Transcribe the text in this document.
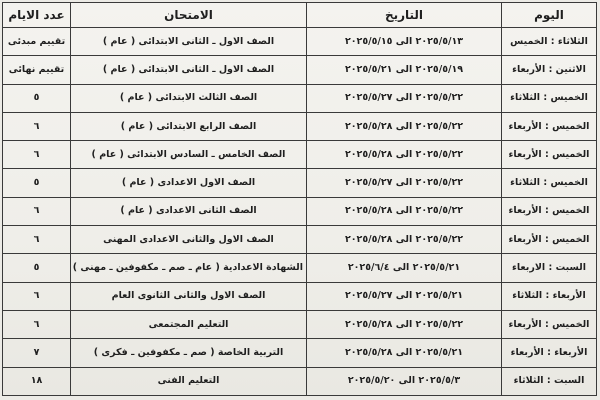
اليوم	التاريخ	الامتحان	عدد الايام
الثلاثاء : الخميس	٢٠٢٥/٥/١٣ الى ٢٠٢٥/٥/١٥	الصف الاول ـ الثانى الابتدائى ( عام )	تقييم مبدئى
الاثنين : الأربعاء	٢٠٢٥/٥/١٩ الى ٢٠٢٥/٥/٢١	الصف الاول ـ الثانى الابتدائى ( عام )	تقييم نهائى
الخميس : الثلاثاء	٢٠٢٥/٥/٢٢ الى ٢٠٢٥/٥/٢٧	الصف الثالث الابتدائى ( عام )	٥
الخميس : الأربعاء	٢٠٢٥/٥/٢٢ الى ٢٠٢٥/٥/٢٨	الصف الرابع الابتدائى ( عام )	٦
الخميس : الأربعاء	٢٠٢٥/٥/٢٢ الى ٢٠٢٥/٥/٢٨	الصف الخامس ـ السادس الابتدائى ( عام )	٦
الخميس : الثلاثاء	٢٠٢٥/٥/٢٢ الى ٢٠٢٥/٥/٢٧	الصف الاول الاعدادى ( عام )	٥
الخميس : الأربعاء	٢٠٢٥/٥/٢٢ الى ٢٠٢٥/٥/٢٨	الصف الثانى الاعدادى ( عام )	٦
الخميس : الأربعاء	٢٠٢٥/٥/٢٢ الى ٢٠٢٥/٥/٢٨	الصف الاول والثانى الاعدادى المهنى	٦
السبت : الاربعاء	٢٠٢٥/٥/٢١ الى ٢٠٢٥/٦/٤	الشهادة الاعدادية ( عام ـ صم ـ مكفوفين ـ مهنى )	٥
الأربعاء : الثلاثاء	٢٠٢٥/٥/٢١ الى ٢٠٢٥/٥/٢٧	الصف الاول والثانى الثانوى العام	٦
الخميس : الأربعاء	٢٠٢٥/٥/٢٢ الى ٢٠٢٥/٥/٢٨	التعليم المجتمعى	٦
الأربعاء : الأربعاء	٢٠٢٥/٥/٢١ الى ٢٠٢٥/٥/٢٨	التربية الخاصة ( صم ـ مكفوفين ـ فكرى )	٧
السبت : الثلاثاء	٢٠٢٥/٥/٣ الى ٢٠٢٥/٥/٢٠	التعليم الفنى	١٨
